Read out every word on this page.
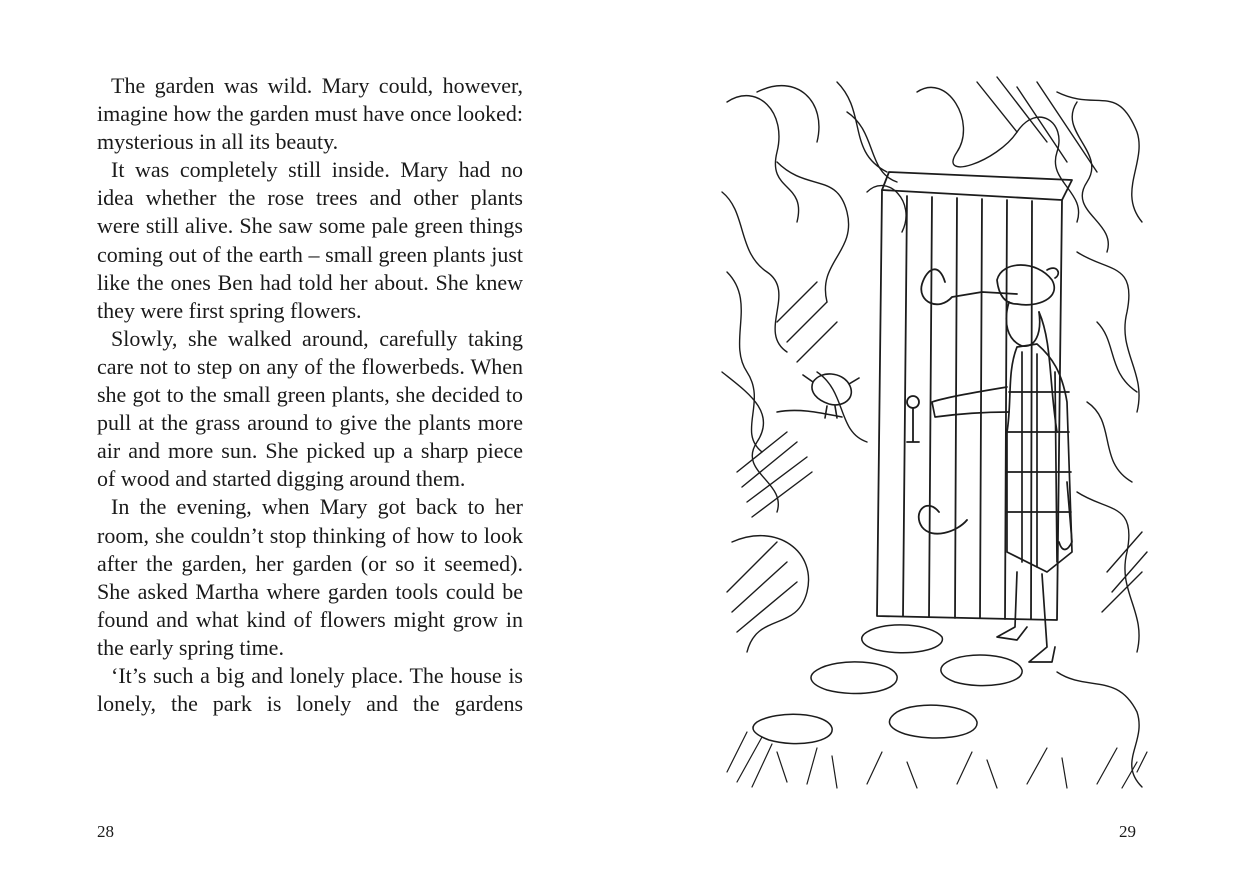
The garden was wild. Mary could, however, imagine how the garden must have once looked: mysterious in all its beauty.

It was completely still inside. Mary had no idea whether the rose trees and other plants were still alive. She saw some pale green things coming out of the earth – small green plants just like the ones Ben had told her about. She knew they were first spring flowers.

Slowly, she walked around, carefully taking care not to step on any of the flowerbeds. When she got to the small green plants, she decided to pull at the grass around to give the plants more air and more sun. She picked up a sharp piece of wood and started digging around them.

In the evening, when Mary got back to her room, she couldn’t stop thinking of how to look after the garden, her garden (or so it seemed). She asked Martha where garden tools could be found and what kind of flowers might grow in the early spring time.

‘It’s such a big and lonely place. The house is lonely, the park is lonely and the gardens

28	29
